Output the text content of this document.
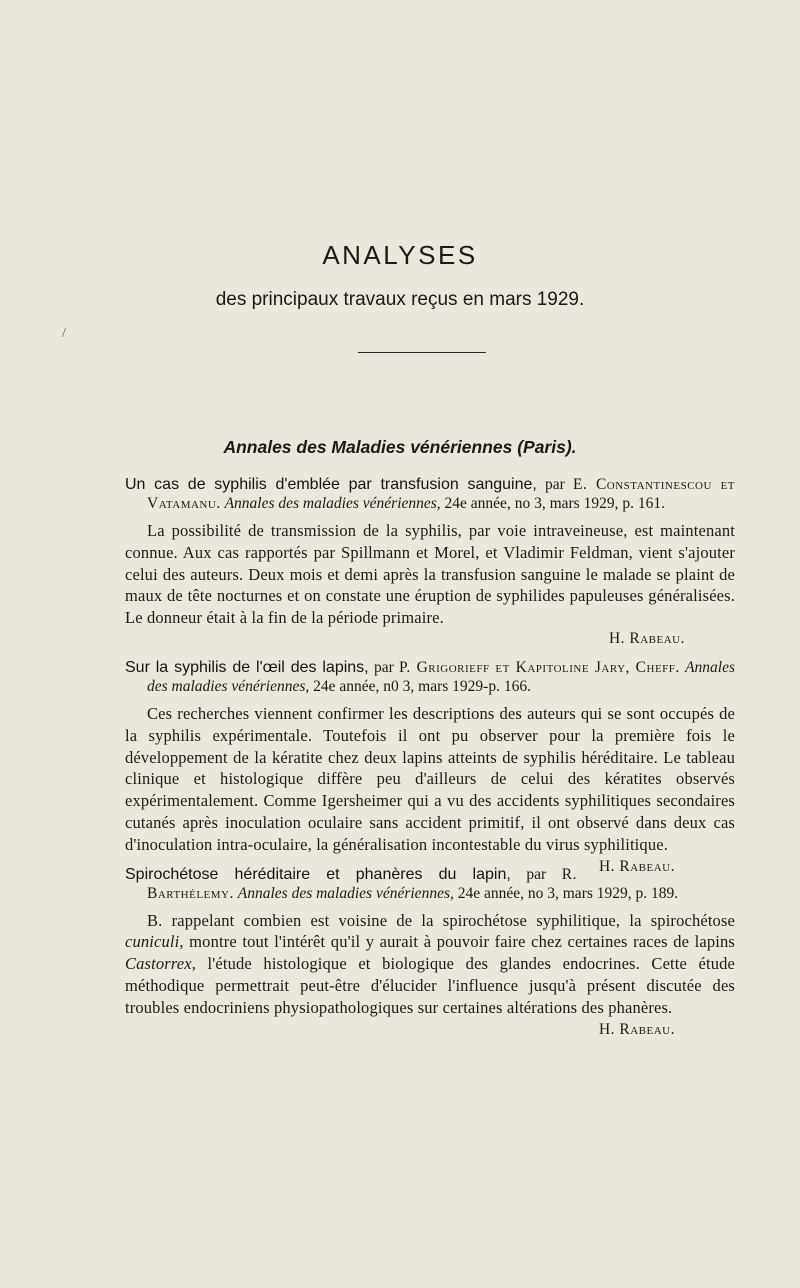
/
ANALYSES
des principaux travaux reçus en mars 1929.
Annales des Maladies vénériennes (Paris).
Un cas de syphilis d'emblée par transfusion sanguine, par E. Constantinescou et Vatamanu. Annales des maladies vénériennes, 24e année, no 3, mars 1929, p. 161.
La possibilité de transmission de la syphilis, par voie intraveineuse, est maintenant connue. Aux cas rapportés par Spillmann et Morel, et Vladimir Feldman, vient s'ajouter celui des auteurs. Deux mois et demi après la transfusion sanguine le malade se plaint de maux de tête nocturnes et on constate une éruption de syphilides papuleuses généralisées. Le donneur était à la fin de la période primaire.
H. Rabeau.
Sur la syphilis de l'œil des lapins, par P. Grigorieff et Kapitoline Jary, Cheff. Annales des maladies vénériennes, 24e année, n0 3, mars 1929-p. 166.
Ces recherches viennent confirmer les descriptions des auteurs qui se sont occupés de la syphilis expérimentale. Toutefois il ont pu observer pour la première fois le développement de la kératite chez deux lapins atteints de syphilis héréditaire. Le tableau clinique et histologique diffère peu d'ailleurs de celui des kératites observés expérimentalement. Comme Igersheimer qui a vu des accidents syphilitiques secondaires cutanés après inoculation oculaire sans accident primitif, il ont observé dans deux cas d'inoculation intra-oculaire, la généralisation incontestable du virus syphilitique.
H. Rabeau.
Spirochétose héréditaire et phanères du lapin, par R. Barthélemy. Annales des maladies vénériennes, 24e année, no 3, mars 1929, p. 189.
B. rappelant combien est voisine de la spirochétose syphilitique, la spirochétose cuniculi, montre tout l'intérêt qu'il y aurait à pouvoir faire chez certaines races de lapins Castorrex, l'étude histologique et biologique des glandes endocrines. Cette étude méthodique permettrait peut-être d'élucider l'influence jusqu'à présent discutée des troubles endocriniens physiopathologiques sur certaines altérations des phanères.
H. Rabeau.
